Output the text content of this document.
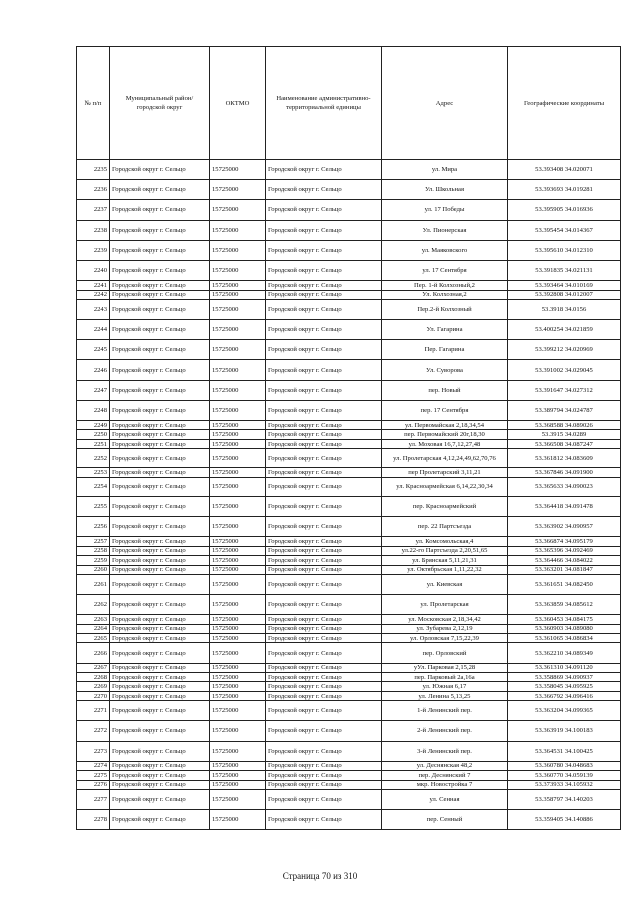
№ п/п	Муниципальный район/городской округ	ОКТМО	Наименование административно-территориальной единицы	Адрес	Географические координаты
2235	Городской округ г. Сельцо	15725000	Городской округ г. Сельцо	ул. Мира	53.393408 34.020071
2236	Городской округ г. Сельцо	15725000	Городской округ г. Сельцо	Ул. Школьная	53.393693 34.019281
2237	Городской округ г. Сельцо	15725000	Городской округ г. Сельцо	ул. 17 Победы	53.395905 34.016936
2238	Городской округ г. Сельцо	15725000	Городской округ г. Сельцо	Ул. Пионерская	53.395454 34.014367
2239	Городской округ г. Сельцо	15725000	Городской округ г. Сельцо	ул. Маяковского	53.395610 34.012310
2240	Городской округ г. Сельцо	15725000	Городской округ г. Сельцо	ул. 17 Сентября	53.391835 34.021131
2241	Городской округ г. Сельцо	15725000	Городской округ г. Сельцо	Пер. 1-й Колхозный,2	53.393464 34.010169
2242	Городской округ г. Сельцо	15725000	Городской округ г. Сельцо	Ул. Колхозная,2	53.392808 34.012007
2243	Городской округ г. Сельцо	15725000	Городской округ г. Сельцо	Пер.2-й Колхозный	53.3918 34.0156
2244	Городской округ г. Сельцо	15725000	Городской округ г. Сельцо	Ул. Гагарина	53.400254 34.021859
2245	Городской округ г. Сельцо	15725000	Городской округ г. Сельцо	Пер. Гагарина	53.399212 34.020969
2246	Городской округ г. Сельцо	15725000	Городской округ г. Сельцо	Ул. Суворова	53.391002 34.029045
2247	Городской округ г. Сельцо	15725000	Городской округ г. Сельцо	пер. Новый	53.391647 34.027312
2248	Городской округ г. Сельцо	15725000	Городской округ г. Сельцо	пер. 17 Сентября	53.389794 34.024787
2249	Городской округ г. Сельцо	15725000	Городской округ г. Сельцо	ул. Первомайская 2,18,34,54	53.368588 34.089026
2250	Городской округ г. Сельцо	15725000	Городской округ г. Сельцо	пер. Первомайский 20г,18,30	53.3915 34.0289
2251	Городской округ г. Сельцо	15725000	Городской округ г. Сельцо	ул. Моховая 16,7,12,27,48	53.366508 34.087247
2252	Городской округ г. Сельцо	15725000	Городской округ г. Сельцо	ул. Пролетарская 4,12,24,49,62,70,76	53.361812 34.083609
2253	Городской округ г. Сельцо	15725000	Городской округ г. Сельцо	пер Пролетарский 3,11,21	53.367846 34.091900
2254	Городской округ г. Сельцо	15725000	Городской округ г. Сельцо	ул. Красноармейская 6,14,22,30,34	53.365633 34.090023
2255	Городской округ г. Сельцо	15725000	Городской округ г. Сельцо	пер. Красноармейский	53.364418 34.091478
2256	Городской округ г. Сельцо	15725000	Городской округ г. Сельцо	пер. 22 Партсъезда	53.363902 34.090957
2257	Городской округ г. Сельцо	15725000	Городской округ г. Сельцо	ул. Комсомольская,4	53.366874 34.095179
2258	Городской округ г. Сельцо	15725000	Городской округ г. Сельцо	ул.22-го Партсъезда 2,20,51,65	53.365396 34.092469
2259	Городской округ г. Сельцо	15725000	Городской округ г. Сельцо	ул. Брянская 5,11,21,31	53.364466 34.084022
2260	Городской округ г. Сельцо	15725000	Городской округ г. Сельцо	ул. Октябрьская 1,11,22,32	53.363201 34.081847
2261	Городской округ г. Сельцо	15725000	Городской округ г. Сельцо	ул. Киевская	53.361651 34.082450
2262	Городской округ г. Сельцо	15725000	Городской округ г. Сельцо	ул. Пролетарская	53.363859 34.085612
2263	Городской округ г. Сельцо	15725000	Городской округ г. Сельцо	ул. Московская 2,18,34,42	53.360453 34.084175
2264	Городской округ г. Сельцо	15725000	Городской округ г. Сельцо	ул. Зубарева 2,12,19	53.360903 34.089080
2265	Городской округ г. Сельцо	15725000	Городской округ г. Сельцо	ул. Орловская 7,15,22,39	53.361065 34.086834
2266	Городской округ г. Сельцо	15725000	Городской округ г. Сельцо	пер. Орловский	53.362210 34.089349
2267	Городской округ г. Сельцо	15725000	Городской округ г. Сельцо	уУл. Парковая 2,15,28	53.361310 34.091120
2268	Городской округ г. Сельцо	15725000	Городской округ г. Сельцо	пер. Парковый 2а,16а	53.358869 34.090937
2269	Городской округ г. Сельцо	15725000	Городской округ г. Сельцо	ул. Южная 6,17	53.358045 34.095925
2270	Городской округ г. Сельцо	15725000	Городской округ г. Сельцо	ул. Ленина 5,13,25	53.366792 34.096416
2271	Городской округ г. Сельцо	15725000	Городской округ г. Сельцо	1-й Ленинский пер.	53.363204 34.099365
2272	Городской округ г. Сельцо	15725000	Городской округ г. Сельцо	2-й Ленинский пер.	53.363919 34.100183
2273	Городской округ г. Сельцо	15725000	Городской округ г. Сельцо	3-й Ленинский пер.	53.364531 34.100425
2274	Городской округ г. Сельцо	15725000	Городской округ г. Сельцо	ул. Деснянская 48,2	53.360780 34.048683
2275	Городской округ г. Сельцо	15725000	Городской округ г. Сельцо	пер. Деснянский 7	53.360770 34.059139
2276	Городской округ г. Сельцо	15725000	Городской округ г. Сельцо	мкр. Новостройка 7	53.373933 34.105932
2277	Городской округ г. Сельцо	15725000	Городской округ г. Сельцо	ул. Сенная	53.358797 34.140203
2278	Городской округ г. Сельцо	15725000	Городской округ г. Сельцо	пер. Сенный	53.359405 34.140886
Страница 70 из 310
